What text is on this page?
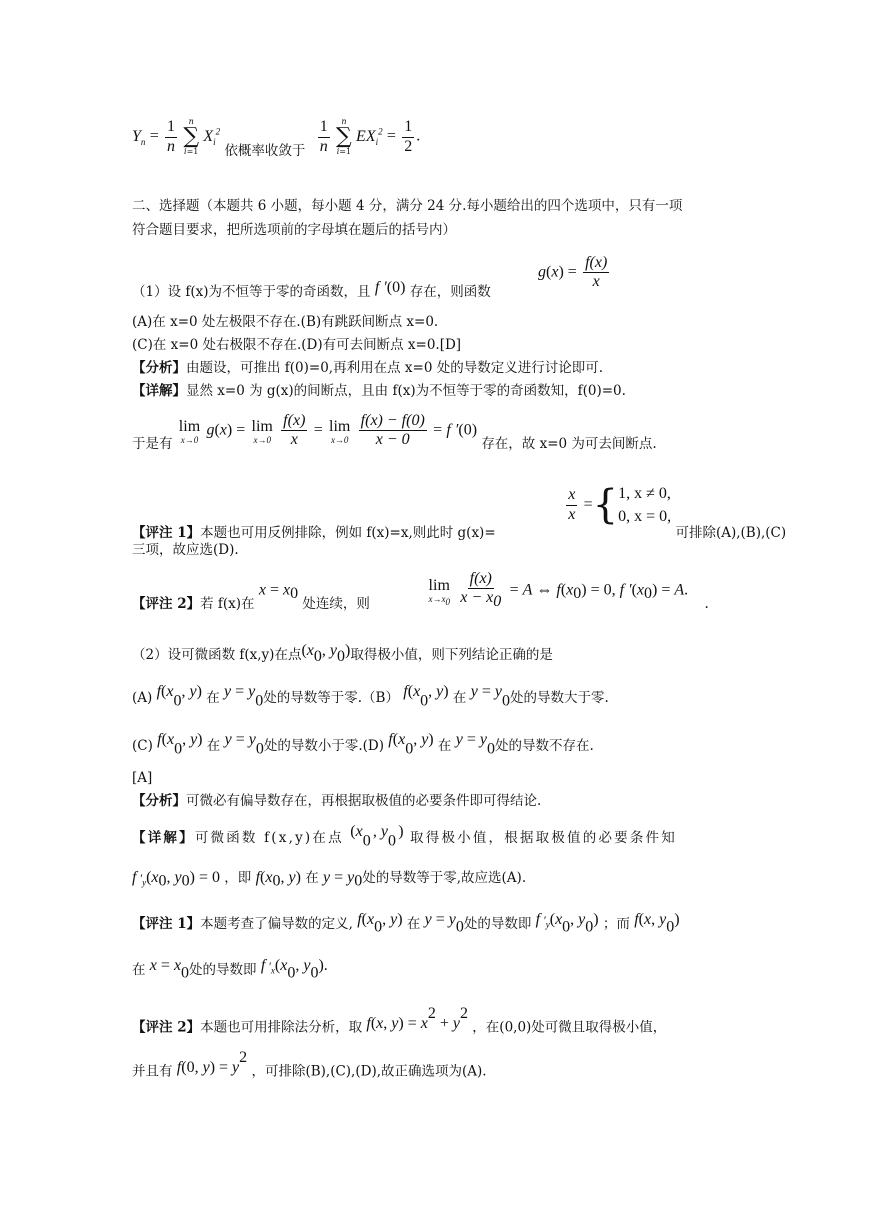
$Y_n = \frac{1}{n}$
n
∑
i=1
$X_i^2$ 依概率收敛于 $\frac{1}{n}$
n
∑
i=1
$EX_i^2 = \frac{1}{2}$ .
二、选择题（本题共 6 小题，每小题 4 分，满分 24 分.每小题给出的四个选项中，只有一项
符合题目要求，把所选项前的字母填在题后的括号内）
（1）设 f(x)为不恒等于零的奇函数，且 f ′(0) 存在，则函数
$g(x) = \frac{f(x)}{x}$
(A)在 x=0 处左极限不存在.(B)有跳跃间断点 x=0.
(C)在 x=0 处右极限不存在.(D)有可去间断点 x=0.[D]
【分析】由题设，可推出 f(0)=0,再利用在点 x=0 处的导数定义进行讨论即可.
【详解】显然 x=0 为 g(x)的间断点，且由 f(x)为不恒等于零的奇函数知，f(0)=0.
于是有
lim
x→0
g(x) = lim
x→0
$\frac{f(x)}{x} = \lim$
x→0
$\frac{f(x) - f(0)}{x - 0} = f$ ′(0) 存在，故 x=0 为可去间断点.
【评注 1】本题也可用反例排除，例如 f(x)=x,则此时 g(x)=
$\frac{x}{x}$ ={ 1, x ≠ 0,
0, x = 0,
可排除(A),(B),(C)
三项，故应选(D).
【评注 2】若 f(x)在 $x = x_0$ 处连续，则
lim
$x\to x_0$
$\frac{f(x)}{x - x_0} = A$ ⇔ $f(x_0) = 0$, f $'(x_0) = A$. .
（2）设可微函数 f(x,y)在点($x_0$, $y_0$)取得极小值，则下列结论正确的是
(A) $f(x_0$, y) 在 $y = y_0$处的导数等于零.（B） $f(x_0$, y) 在 $y = y_0$处的导数大于零.
(C) $f(x_0$, y) 在 $y = y_0$处的导数小于零.(D) $f(x_0$, y) 在 $y = y_0$处的导数不存在.
[A]
【分析】可微必有偏导数存在，再根据取极值的必要条件即可得结论.
【详解】可微函数 f(x,y)在点 ($x_0$, $y_0$) 取得极小值，根据取极值的必要条件知
f $'_y(x_0$, $y_0) = 0$ ，即 $f(x_0$, y) 在 $y = y_0$处的导数等于零,故应选(A).
【评注 1】本题考查了偏导数的定义, $f(x_0$, y) 在 $y = y_0$处的导数即 f $'_y(x_0$, $y_0$) ；而 f(x, $y_0$)
在 $x = x_0$处的导数即 f $'_x(x_0$, $y_0$).
【评注 2】本题也可用排除法分析，取 f(x, $y) = x^2 + y^2$ ，在(0,0)处可微且取得极小值，
并且有 f(0, $y) = y^2$ ，可排除(B),(C),(D),故正确选项为(A).
